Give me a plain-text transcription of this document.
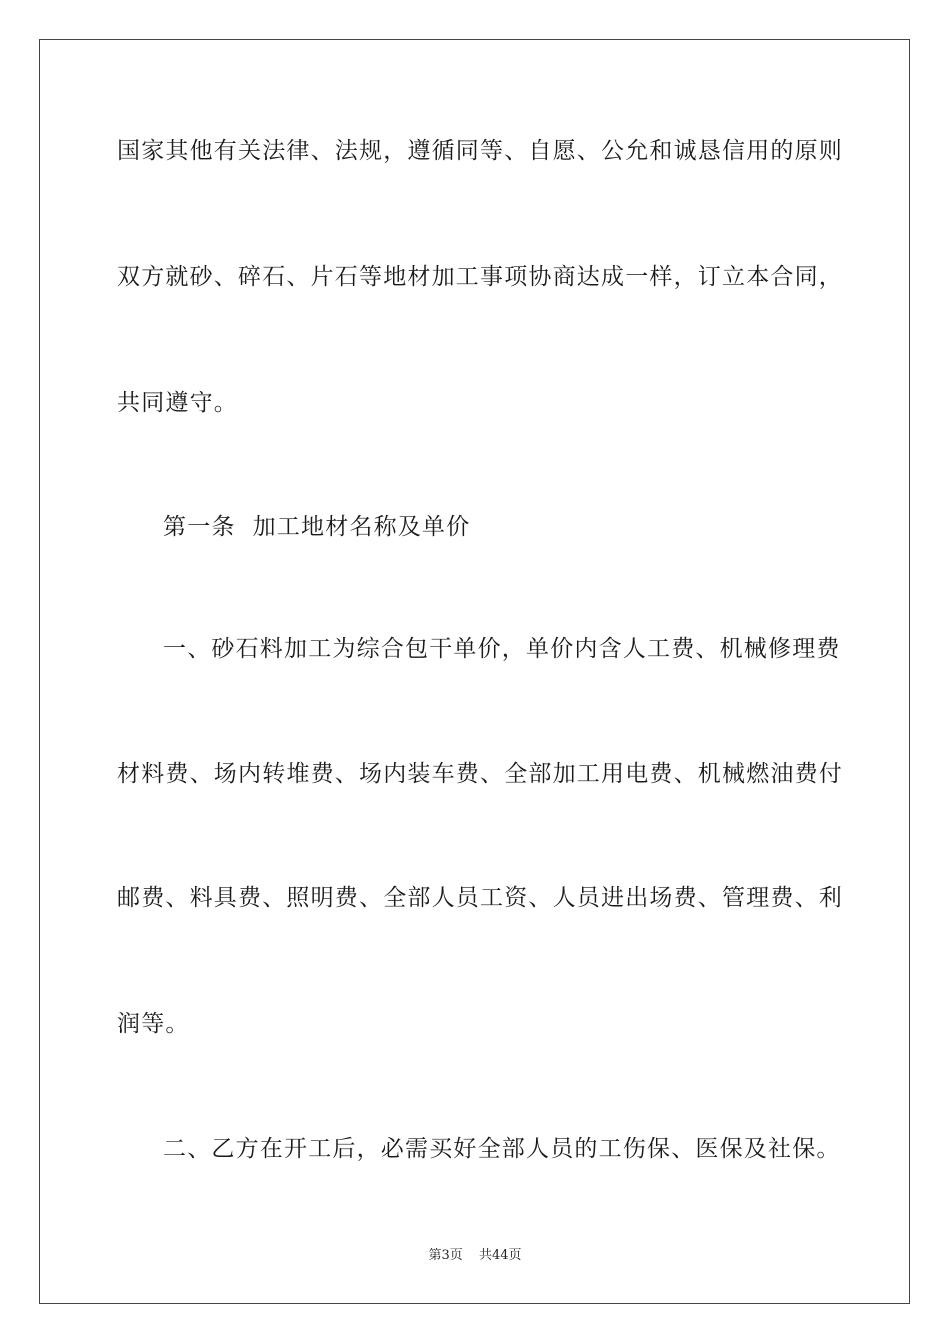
国家其他有关法律、法规，遵循同等、自愿、公允和诚恳信用的原则
双方就砂、碎石、片石等地材加工事项协商达成一样，订立本合同，
共同遵守。
第一条  加工地材名称及单价
一、砂石料加工为综合包干单价，单价内含人工费、机械修理费
材料费、场内转堆费、场内装车费、全部加工用电费、机械燃油费付
邮费、料具费、照明费、全部人员工资、人员进出场费、管理费、利
润等。
二、乙方在开工后，必需买好全部人员的工伤保、医保及社保。
第3页 共44页
